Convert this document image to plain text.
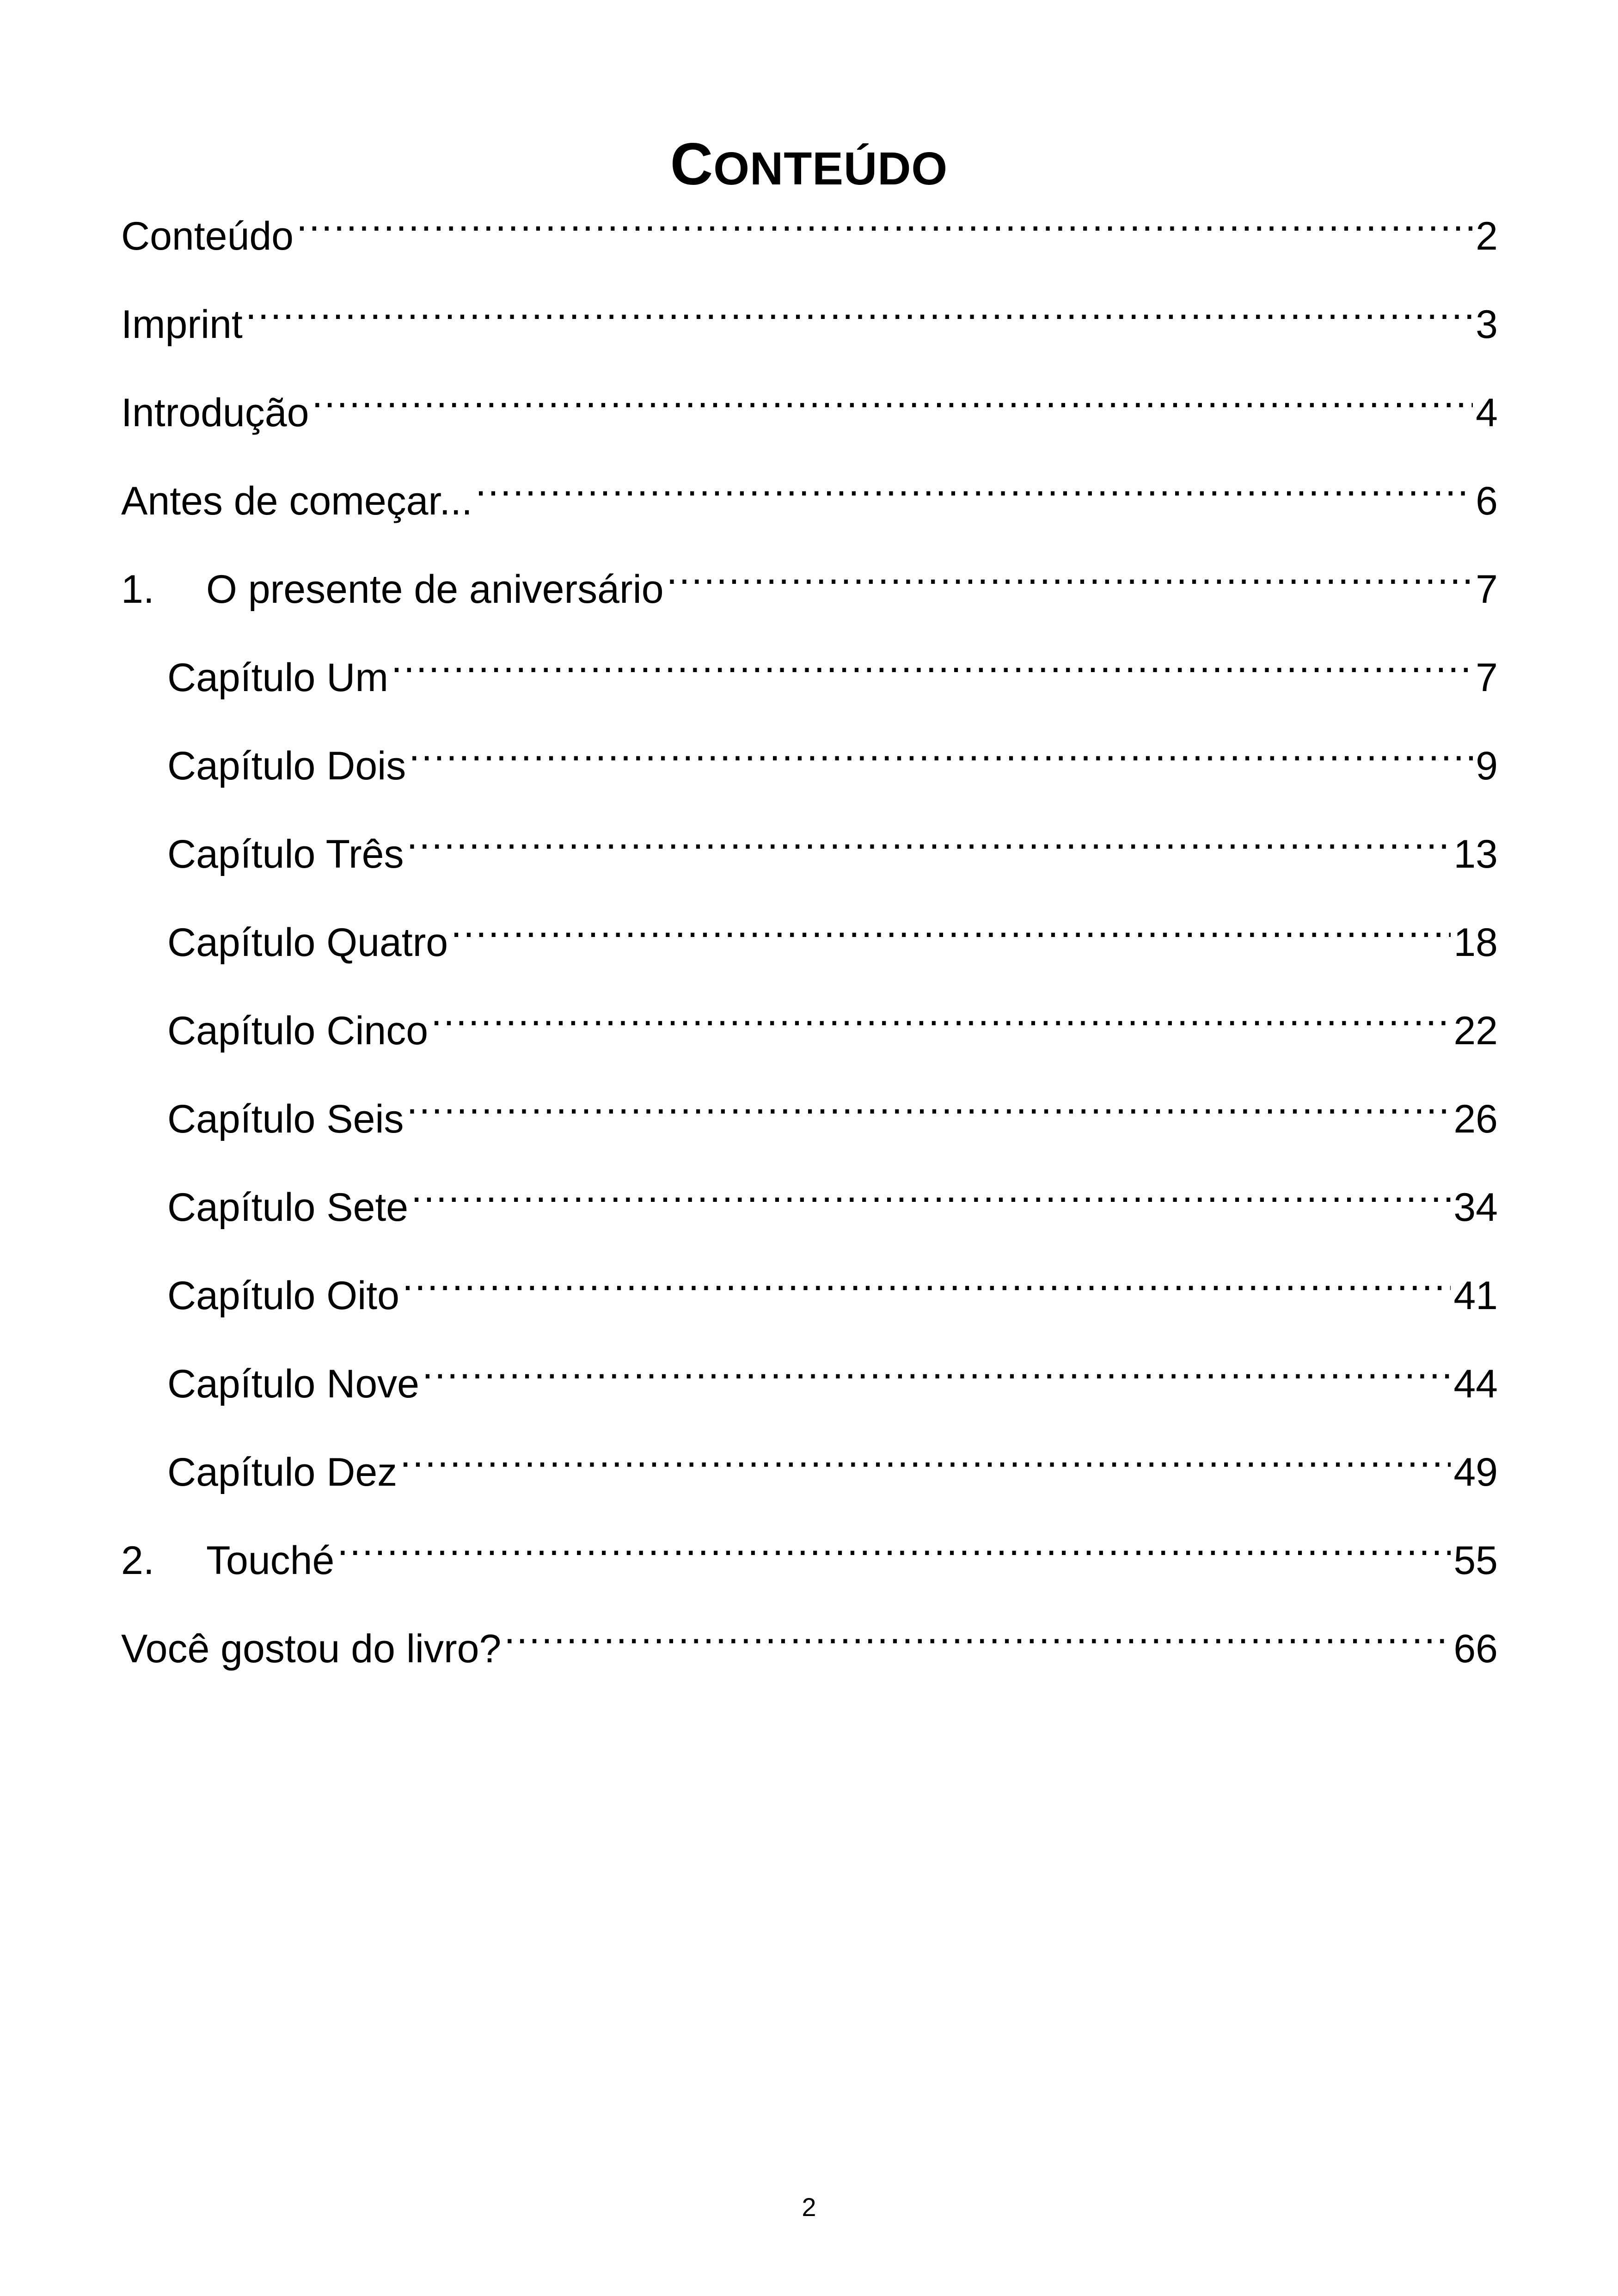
CONTEÚDO
Conteúdo .....	2
Imprint .....	3
Introdução .....	4
Antes de começar... .....	6
1.	O presente de aniversário .....	7
Capítulo Um .....	7
Capítulo Dois .....	9
Capítulo Três .....	13
Capítulo Quatro .....	18
Capítulo Cinco .....	22
Capítulo Seis .....	26
Capítulo Sete .....	34
Capítulo Oito .....	41
Capítulo Nove .....	44
Capítulo Dez .....	49
2.	Touché .....	55
Você gostou do livro? .....	66
2
